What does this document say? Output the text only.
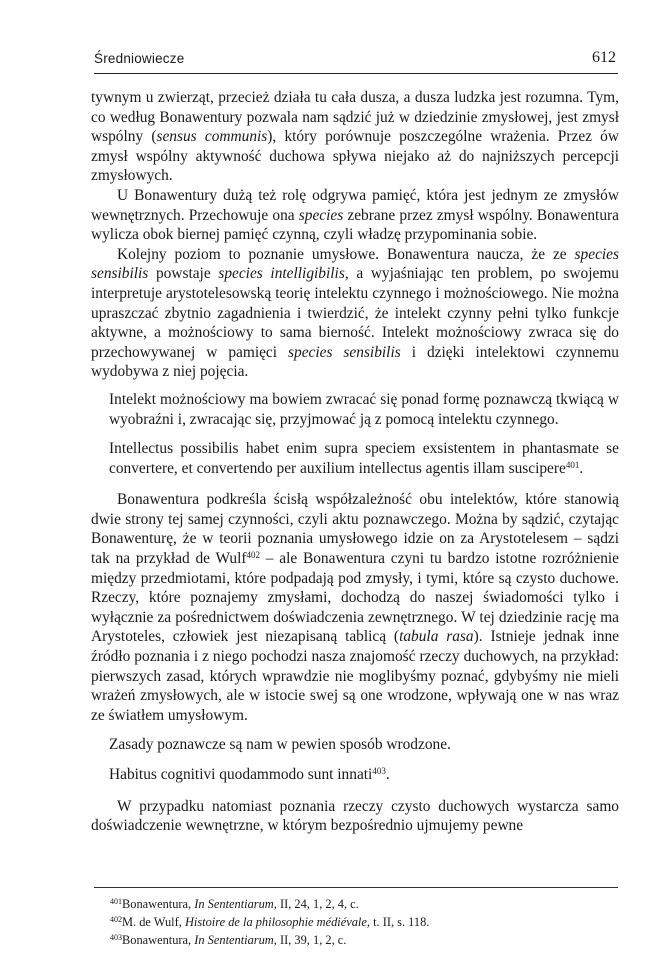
Średniowiecze	612

tywnym u zwierząt, przecież działa tu cała dusza, a dusza ludzka jest rozumna. Tym, co według Bonawentury pozwala nam sądzić już w dziedzinie zmysłowej, jest zmysł wspólny (sensus communis), który porównuje poszczególne wrażenia. Przez ów zmysł wspólny aktywność duchowa spływa niejako aż do najniższych percepcji zmysłowych.

U Bonawentury dużą też rolę odgrywa pamięć, która jest jednym ze zmysłów wewnętrznych. Przechowuje ona species zebrane przez zmysł wspólny. Bonawentura wylicza obok biernej pamięć czynną, czyli władzę przypominania sobie.

Kolejny poziom to poznanie umysłowe. Bonawentura naucza, że ze species sensibilis powstaje species intelligibilis, a wyjaśniając ten problem, po swojemu interpretuje arystotelesowską teorię intelektu czynnego i możnościowego. Nie można upraszczać zbytnio zagadnienia i twierdzić, że intelekt czynny pełni tylko funkcje aktywne, a możnościowy to sama bierność. Intelekt możnościowy zwraca się do przechowywanej w pamięci species sensibilis i dzięki intelektowi czynnemu wydobywa z niej pojęcia.

Intelekt możnościowy ma bowiem zwracać się ponad formę poznawczą tkwiącą w wyobraźni i, zwracając się, przyjmować ją z pomocą intelektu czynnego.

Intellectus possibilis habet enim supra speciem exsistentem in phantasmate se convertere, et convertendo per auxilium intellectus agentis illam suscipere$^{401}$.

Bonawentura podkreśla ścisłą współzależność obu intelektów, które stanowią dwie strony tej samej czynności, czyli aktu poznawczego. Można by sądzić, czytając Bonawenturę, że w teorii poznania umysłowego idzie on za Arystotelesem – sądzi tak na przykład de Wulf$^{402}$ – ale Bonawentura czyni tu bardzo istotne rozróżnienie między przedmiotami, które podpadają pod zmysły, i tymi, które są czysto duchowe. Rzeczy, które poznajemy zmysłami, dochodzą do naszej świadomości tylko i wyłącznie za pośrednictwem doświadczenia zewnętrznego. W tej dziedzinie rację ma Arystoteles, człowiek jest niezapisaną tablicą (tabula rasa). Istnieje jednak inne źródło poznania i z niego pochodzi nasza znajomość rzeczy duchowych, na przykład: pierwszych zasad, których wprawdzie nie moglibyśmy poznać, gdybyśmy nie mieli wrażeń zmysłowych, ale w istocie swej są one wrodzone, wpływają one w nas wraz ze światłem umysłowym.

Zasady poznawcze są nam w pewien sposób wrodzone.

Habitus cognitivi quodammodo sunt innati$^{403}$.

W przypadku natomiast poznania rzeczy czysto duchowych wystarcza samo doświadczenie wewnętrzne, w którym bezpośrednio ujmujemy pewne

$^{401}$Bonawentura, In Sententiarum, II, 24, 1, 2, 4, c.
$^{402}$M. de Wulf, Histoire de la philosophie médiévale, t. II, s. 118.
$^{403}$Bonawentura, In Sententiarum, II, 39, 1, 2, c.
